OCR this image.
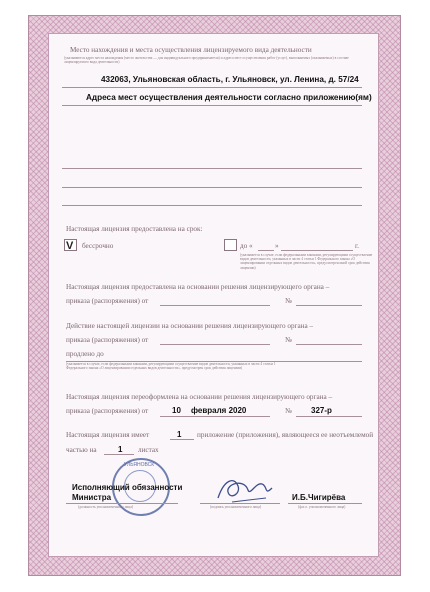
Место нахождения и места осуществления лицензируемого вида деятельности
(указываются адрес места нахождения (место жительства — для индивидуального предпринимателя) и адреса мест осуществления работ (услуг), выполняемых (оказываемых) в составе лицензируемого вида деятельности)
432063, Ульяновская область, г. Ульяновск, ул. Ленина, д. 57/24
Адреса мест осуществления деятельности согласно приложению(ям)
Настоящая лицензия предоставлена на срок:
V бессрочно	до «	»	г.
(указывается в случае, если федеральными законами, регулирующими осуществление видов деятельности, указанных в части 4 статьи 1 Федерального закона «О лицензировании отдельных видов деятельности», предусмотрен иной срок действия лицензии)
Настоящая лицензия предоставлена на основании решения лицензирующего органа –
приказа (распоряжения) от	№
Действие настоящей лицензии на основании решения лицензирующего органа –
приказа (распоряжения) от	№
продлено до
(указывается в случае, если федеральными законами, регулирующими осуществление видов деятельности, указанных в части 4 статьи 1 Федерального закона «О лицензировании отдельных видов деятельности», предусмотрен срок действия лицензии)
Настоящая лицензия переоформлена на основании решения лицензирующего органа –
приказа (распоряжения) от	10 февраля 2020	№ 327-р
Настоящая лицензия имеет	1 приложение (приложения), являющееся ее неотъемлемой
частью на	1 листах
УЛЬЯНОВСК
Исполняющий обязанности
Министра
(должность уполномоченного лица)	(подпись уполномоченного лица)
И.Б.Чигирёва
(ф.и.о. уполномоченного лица)
